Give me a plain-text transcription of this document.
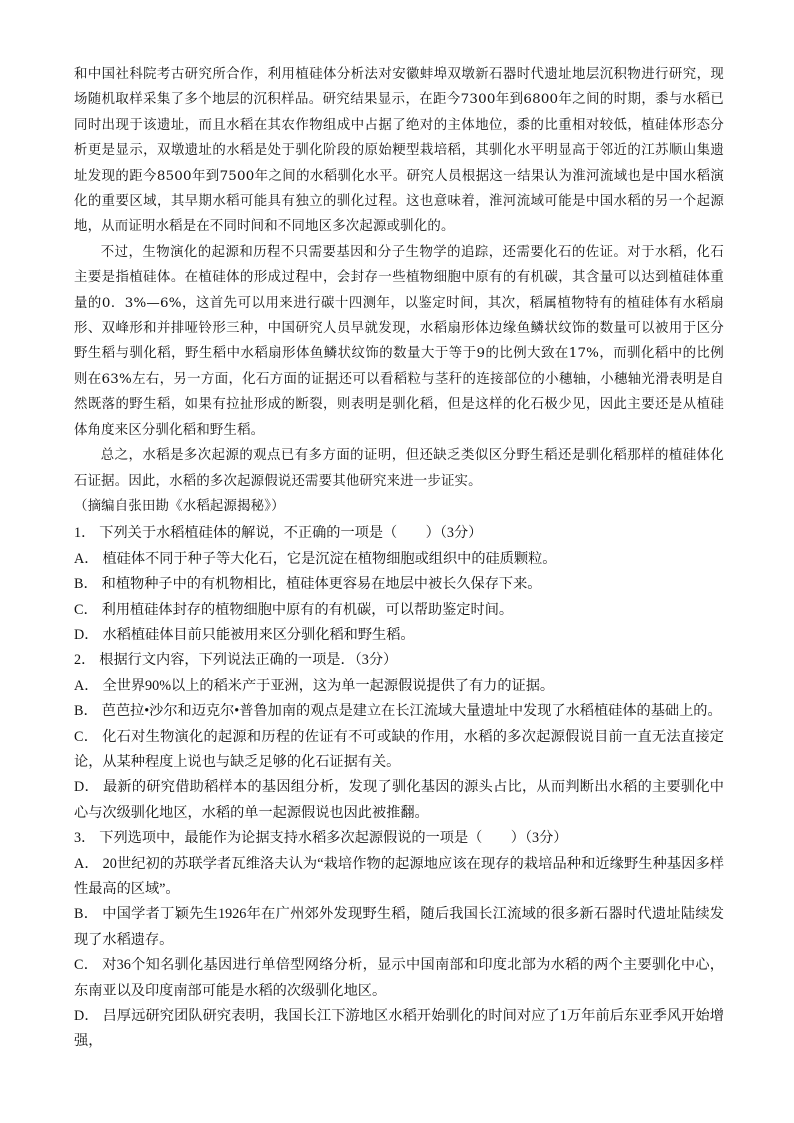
和中国社科院考古研究所合作，利用植硅体分析法对安徽蚌埠双墩新石器时代遗址地层沉积物进行研究，现场随机取样采集了多个地层的沉积样品。研究结果显示，在距今7300年到6800年之间的时期，黍与水稻已同时出现于该遗址，而且水稻在其农作物组成中占据了绝对的主体地位，黍的比重相对较低，植硅体形态分析更是显示，双墩遗址的水稻是处于驯化阶段的原始粳型栽培稻，其驯化水平明显高于邻近的江苏顺山集遗址发现的距今8500年到7500年之间的水稻驯化水平。研究人员根据这一结果认为淮河流域也是中国水稻演化的重要区域，其早期水稻可能具有独立的驯化过程。这也意味着，淮河流域可能是中国水稻的另一个起源地，从而证明水稻是在不同时间和不同地区多次起源或驯化的。

不过，生物演化的起源和历程不只需要基因和分子生物学的追踪，还需要化石的佐证。对于水稻，化石主要是指植硅体。在植硅体的形成过程中，会封存一些植物细胞中原有的有机碳，其含量可以达到植硅体重量的0．3%—6%，这首先可以用来进行碳十四测年，以鉴定时间，其次，稻属植物特有的植硅体有水稻扇形、双峰形和并排哑铃形三种，中国研究人员早就发现，水稻扇形体边缘鱼鳞状纹饰的数量可以被用于区分野生稻与驯化稻，野生稻中水稻扇形体鱼鳞状纹饰的数量大于等于9的比例大致在17%，而驯化稻中的比例则在63%左右，另一方面，化石方面的证据还可以看稻粒与茎秆的连接部位的小穗轴，小穗轴光滑表明是自然既落的野生稻，如果有拉扯形成的断裂，则表明是驯化稻，但是这样的化石极少见，因此主要还是从植硅体角度来区分驯化稻和野生稻。

总之，水稻是多次起源的观点已有多方面的证明，但还缺乏类似区分野生稻还是驯化稻那样的植硅体化石证据。因此，水稻的多次起源假说还需要其他研究来进一步证实。

（摘编自张田勘《水稻起源揭秘》）

1． 下列关于水稻植硅体的解说，不正确的一项是（　　）（3分）

A． 植硅体不同于种子等大化石，它是沉淀在植物细胞或组织中的硅质颗粒。

B． 和植物种子中的有机物相比，植硅体更容易在地层中被长久保存下来。

C． 利用植硅体封存的植物细胞中原有的有机碳，可以帮助鉴定时间。

D． 水稻植硅体目前只能被用来区分驯化稻和野生稻。

2． 根据行文内容，下列说法正确的一项是．（3分）

A． 全世界90%以上的稻米产于亚洲，这为单一起源假说提供了有力的证据。

B． 芭芭拉•沙尔和迈克尔•普鲁加南的观点是建立在长江流域大量遗址中发现了水稻植硅体的基础上的。

C． 化石对生物演化的起源和历程的佐证有不可或缺的作用，水稻的多次起源假说目前一直无法直接定论，从某种程度上说也与缺乏足够的化石证据有关。

D． 最新的研究借助稻样本的基因组分析，发现了驯化基因的源头占比，从而判断出水稻的主要驯化中心与次级驯化地区，水稻的单一起源假说也因此被推翻。

3． 下列选项中，最能作为论据支持水稻多次起源假说的一项是（　　）（3分）

A． 20世纪初的苏联学者瓦维洛夫认为“栽培作物的起源地应该在现存的栽培品种和近缘野生种基因多样性最高的区域”。

B． 中国学者丁颖先生1926年在广州郊外发现野生稻，随后我国长江流域的很多新石器时代遗址陆续发现了水稻遗存。

C． 对36个知名驯化基因进行单倍型网络分析，显示中国南部和印度北部为水稻的两个主要驯化中心，东南亚以及印度南部可能是水稻的次级驯化地区。

D． 吕厚远研究团队研究表明，我国长江下游地区水稻开始驯化的时间对应了1万年前后东亚季风开始增强，
